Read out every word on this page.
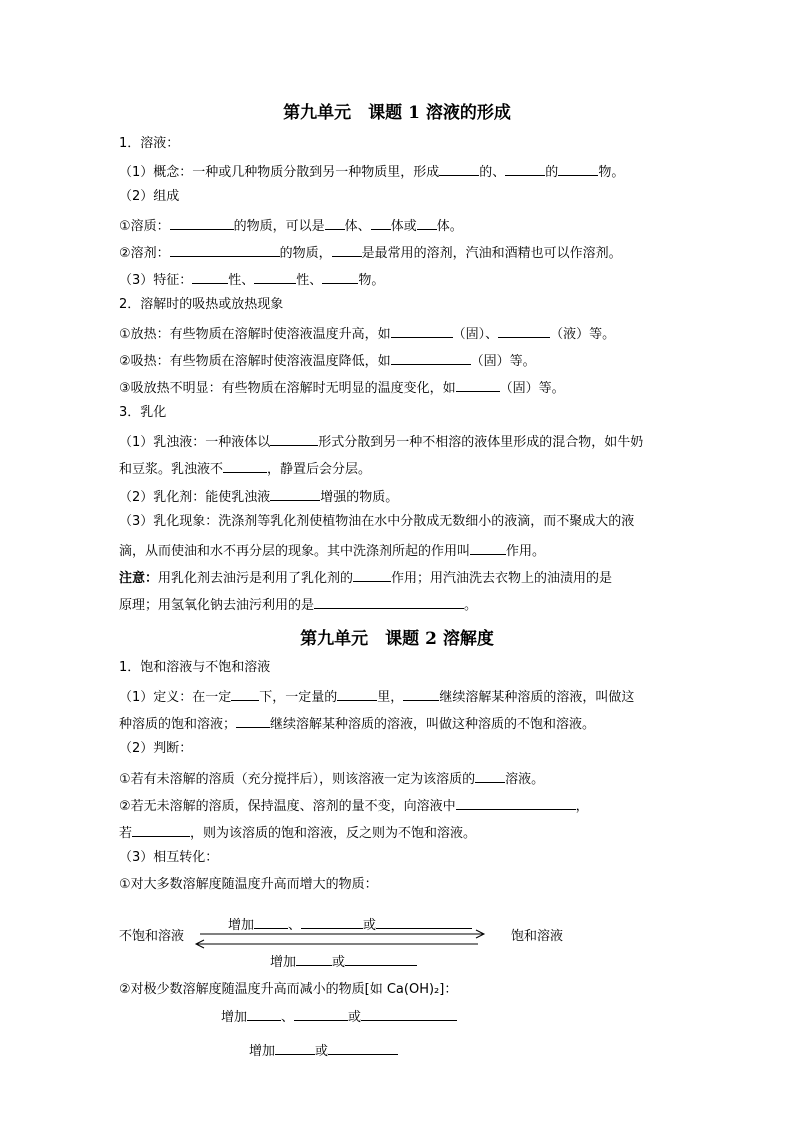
第九单元　课题 1 溶液的形成
1．溶液：
（1）概念：一种或几种物质分散到另一种物质里，形成	的、	的	物。
（2）组成
①溶质：	的物质，可以是 体、 体或 体。
②溶剂：	的物质， 是最常用的溶剂，汽油和酒精也可以作溶剂。
（3）特征：	性、	性、	物。
2．溶解时的吸热或放热现象
①放热：有些物质在溶解时使溶液温度升高，如	（固）、	（液）等。
②吸热：有些物质在溶解时使溶液温度降低，如	（固）等。
③吸放热不明显：有些物质在溶解时无明显的温度变化，如	（固）等。
3．乳化
（1）乳浊液：一种液体以	形式分散到另一种不相溶的液体里形成的混合物，如牛奶
和豆浆。乳浊液不	，静置后会分层。
（2）乳化剂：能使乳浊液	增强的物质。
（3）乳化现象：洗涤剂等乳化剂使植物油在水中分散成无数细小的液滴，而不聚成大的液
滴，从而使油和水不再分层的现象。其中洗涤剂所起的作用叫	作用。
注意：用乳化剂去油污是利用了乳化剂的	作用；用汽油洗去衣物上的油渍用的是
原理；用氢氧化钠去油污利用的是	。
第九单元　课题 2 溶解度
1．饱和溶液与不饱和溶液
（1）定义：在一定 下，一定量的	里，	继续溶解某种溶质的溶液，叫做这
种溶质的饱和溶液；	继续溶解某种溶质的溶液，叫做这种溶质的不饱和溶液。
（2）判断：
①若有未溶解的溶质（充分搅拌后），则该溶液一定为该溶质的 溶液。
②若无未溶解的溶质，保持温度、溶剂的量不变，向溶液中	，
若	，则为该溶质的饱和溶液，反之则为不饱和溶液。
（3）相互转化：
①对大多数溶解度随温度升高而增大的物质：
增加	、	或
不饱和溶液	饱和溶液
增加	或
②对极少数溶解度随温度升高而减小的物质[如 Ca(OH)₂]：
增加	、	或
增加	或
